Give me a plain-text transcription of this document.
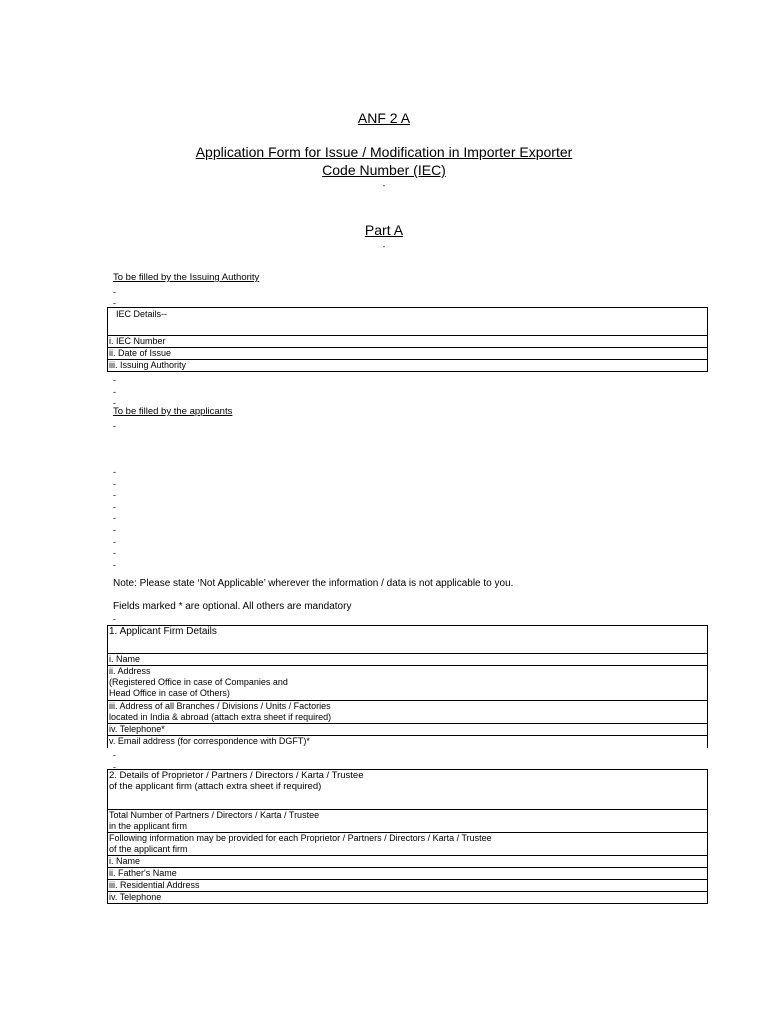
ANF 2 A
Application Form for Issue / Modification in Importer Exporter
Code Number (IEC)
-
Part A
-
To be filled by the Issuing Authority
-
-
IEC Details--
i. IEC Number
ii. Date of Issue
iii. Issuing Authority
-
-
-
To be filled by the applicants
-
-
-
-
-
-
-
-
-
-
Note: Please state ‘Not Applicable’ wherever the information / data is not applicable to you.
Fields marked * are optional. All others are mandatory
-
1. Applicant Firm Details
i. Name

ii. Address
(Registered Office in case of Companies and
Head Office in case of Others)

iii. Address of all Branches / Divisions / Units / Factories
located in India & abroad (attach extra sheet if required)

iv. Telephone*
v. Email address (for correspondence with DGFT)*
-
-
2. Details of Proprietor / Partners / Directors / Karta / Trustee
of the applicant firm (attach extra sheet if required)

Total Number of Partners / Directors / Karta / Trustee
in the applicant firm

Following information may be provided for each Proprietor / Partners / Directors / Karta / Trustee
of the applicant firm

i. Name
ii. Father's Name
iii. Residential Address
iv. Telephone
